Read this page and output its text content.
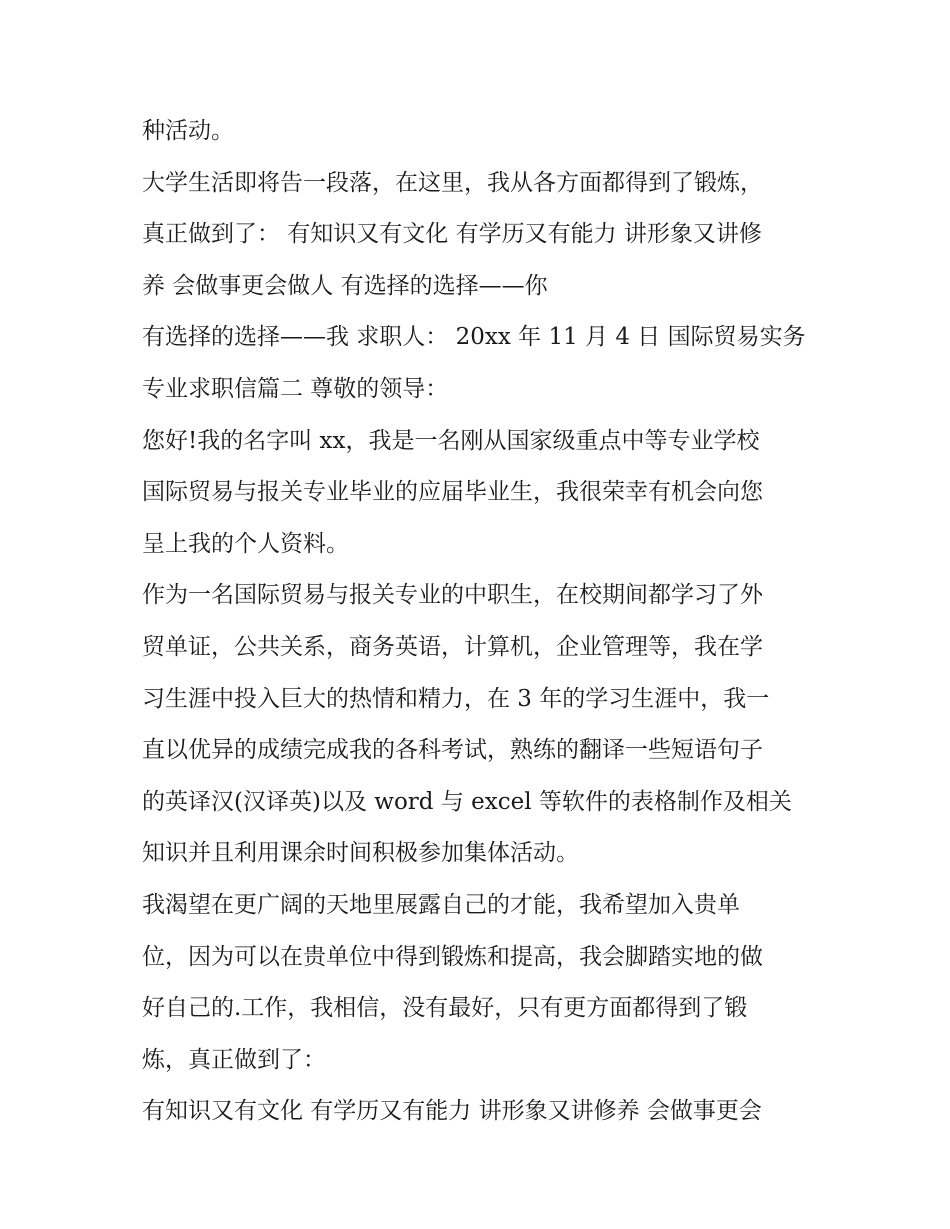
种活动。
大学生活即将告一段落，在这里，我从各方面都得到了锻炼，
真正做到了： 有知识又有文化 有学历又有能力 讲形象又讲修
养 会做事更会做人 有选择的选择——你
有选择的选择——我 求职人： 20xx 年 11 月 4 日 国际贸易实务
专业求职信篇二 尊敬的领导：
您好!我的名字叫 xx，我是一名刚从国家级重点中等专业学校
国际贸易与报关专业毕业的应届毕业生，我很荣幸有机会向您
呈上我的个人资料。
作为一名国际贸易与报关专业的中职生，在校期间都学习了外
贸单证，公共关系，商务英语，计算机，企业管理等，我在学
习生涯中投入巨大的热情和精力，在 3 年的学习生涯中，我一
直以优异的成绩完成我的各科考试，熟练的翻译一些短语句子
的英译汉(汉译英)以及 word 与 excel 等软件的表格制作及相关
知识并且利用课余时间积极参加集体活动。
我渴望在更广阔的天地里展露自己的才能，我希望加入贵单
位，因为可以在贵单位中得到锻炼和提高，我会脚踏实地的做
好自己的.工作，我相信，没有最好，只有更方面都得到了锻
炼，真正做到了：
有知识又有文化 有学历又有能力 讲形象又讲修养 会做事更会
